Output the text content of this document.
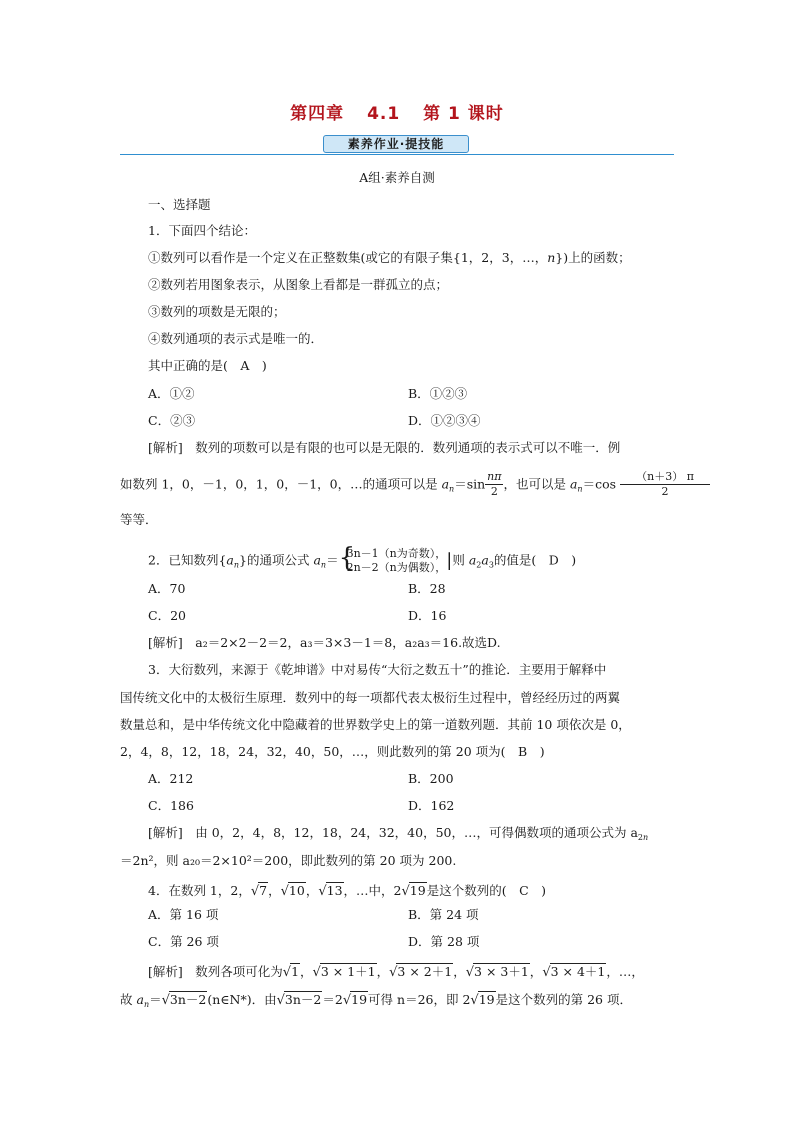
第四章 4.1 第 1 课时
素养作业·提技能
A组·素养自测
一、选择题
1．下面四个结论：
①数列可以看作是一个定义在正整数集(或它的有限子集{1，2，3，…，n})上的函数；
②数列若用图象表示，从图象上看都是一群孤立的点；
③数列的项数是无限的；
④数列通项的表示式是唯一的．
其中正确的是(　A　)
A．①②	B．①②③
C．②③	D．①②③④
[解析]　数列的项数可以是有限的也可以是无限的．数列通项的表示式可以不唯一．例
如数列 1，0，－1，0，1，0，－1，0，…的通项可以是 $a_n=\sin \frac{n\pi}{2}$ ，也可以是 $a_n=\cos \frac{(n+3) \pi}{2}$
等等．
2．已知数列$\{a_n\}$的通项公式 $a_n=$ {
3n－1（n为奇数），
2n－2（n为偶数）， |则 $a_2a_3$的值是(　D　)
A．70	B．28
C．20	D．16
[解析]　a₂＝2×2－2＝2，a₃＝3×3－1＝8，a₂a₃＝16.故选D.
3．大衍数列，来源于《乾坤谱》中对易传“大衍之数五十”的推论．主要用于解释中
国传统文化中的太极衍生原理．数列中的每一项都代表太极衍生过程中，曾经经历过的两翼
数量总和，是中华传统文化中隐藏着的世界数学史上的第一道数列题．其前 10 项依次是 0，
2，4，8，12，18，24，32，40，50，…，则此数列的第 20 项为(　B　)
A．212	B．200
C．186	D．162
[解析]　由 0，2，4，8，12，18，24，32，40，50，…，可得偶数项的通项公式为 $a_{2n}$
＝2n²，则 a₂₀＝2×10²＝200，即此数列的第 20 项为 200.
4．在数列 1，2，√7，√10，√13，…中，2√19是这个数列的(　C　)
A．第 16 项	B．第 24 项
C．第 26 项	D．第 28 项
[解析]　数列各项可化为√1，√3 × 1＋1，√3 × 2＋1，√3 × 3＋1，√3 × 4＋1，…，
故 $a_n=√3n-2(n\in N*)$．由√3n－2＝2√19可得 n＝26，即 2√19是这个数列的第 26 项．
